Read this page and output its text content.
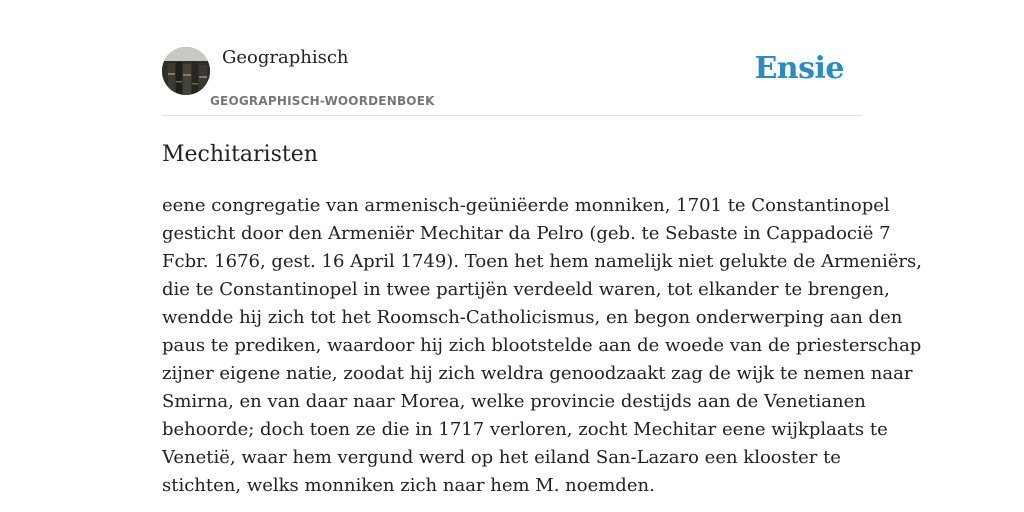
Geographisch
GEOGRAPHISCH-WOORDENBOEK
Ensie
Mechitaristen
eene congregatie van armenisch-geüniëerde monniken, 1701 te Constantinopel
gesticht door den Armeniër Mechitar da Pelro (geb. te Sebaste in Cappadocië 7
Fcbr. 1676, gest. 16 April 1749). Toen het hem namelijk niet gelukte de Armeniërs,
die te Constantinopel in twee partijën verdeeld waren, tot elkander te brengen,
wendde hij zich tot het Roomsch-Catholicismus, en begon onderwerping aan den
paus te prediken, waardoor hij zich blootstelde aan de woede van de priesterschap
zijner eigene natie, zoodat hij zich weldra genoodzaakt zag de wijk te nemen naar
Smirna, en van daar naar Morea, welke provincie destijds aan de Venetianen
behoorde; doch toen ze die in 1717 verloren, zocht Mechitar eene wijkplaats te
Venetië, waar hem vergund werd op het eiland San-Lazaro een klooster te
stichten, welks monniken zich naar hem M. noemden.
